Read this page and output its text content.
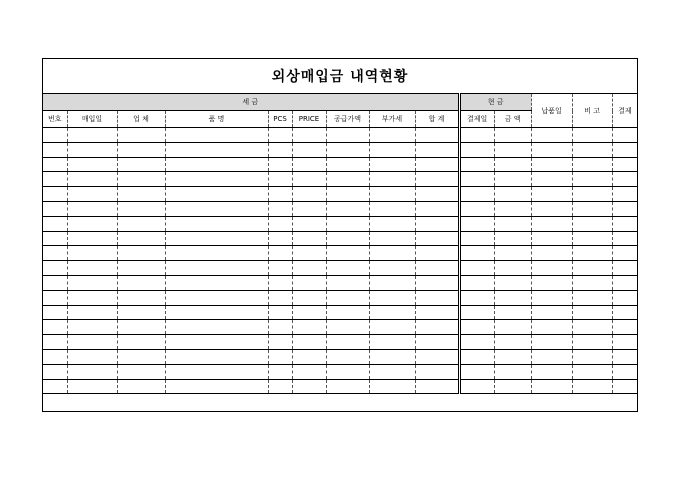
외상매입금 내역현황
세 금									현 금		납품일	비 고	결제
번호	매입일	업 체	품 명	PCS	PRICE	공급가액	부가세	합 계	결제일	금 액			
